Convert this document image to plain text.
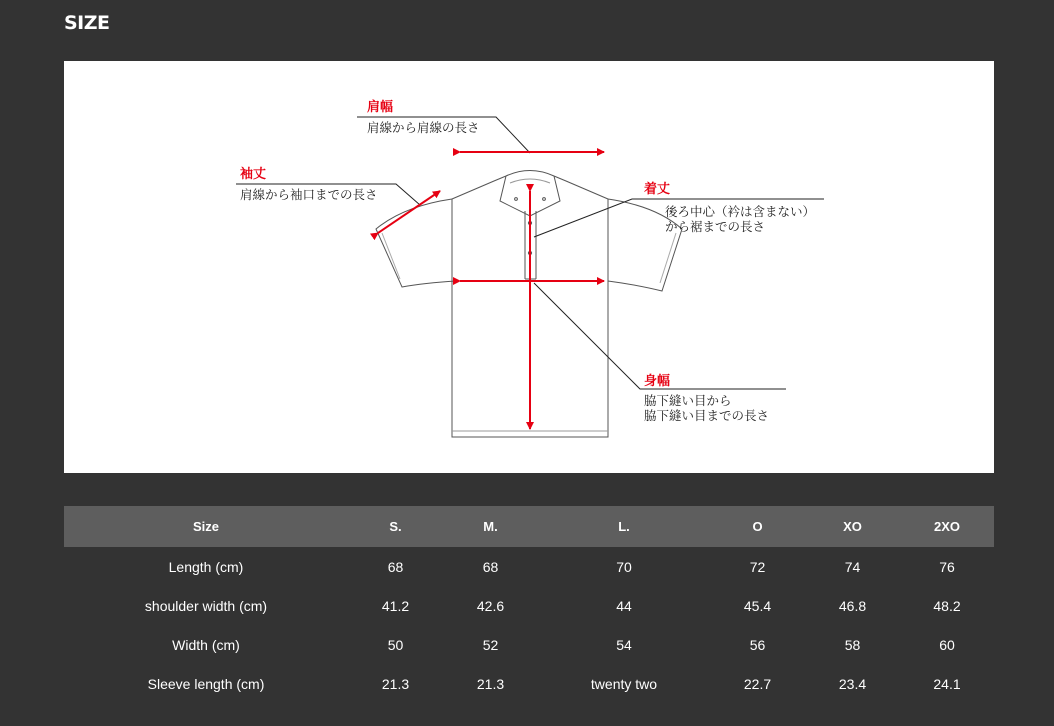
SIZE
肩幅
肩線から肩線の長さ
袖丈
肩線から袖口までの長さ	着丈
後ろ中心（衿は含まない）
から裾までの長さ
身幅
脇下縫い目から
脇下縫い目までの長さ
Size	S.	M.	L.	O	XO	2XO
Length (cm)	68	68	70	72	74	76
shoulder width (cm)	41.2	42.6	44	45.4	46.8	48.2
Width (cm)	50	52	54	56	58	60
Sleeve length (cm)	21.3	21.3	twenty two	22.7	23.4	24.1
